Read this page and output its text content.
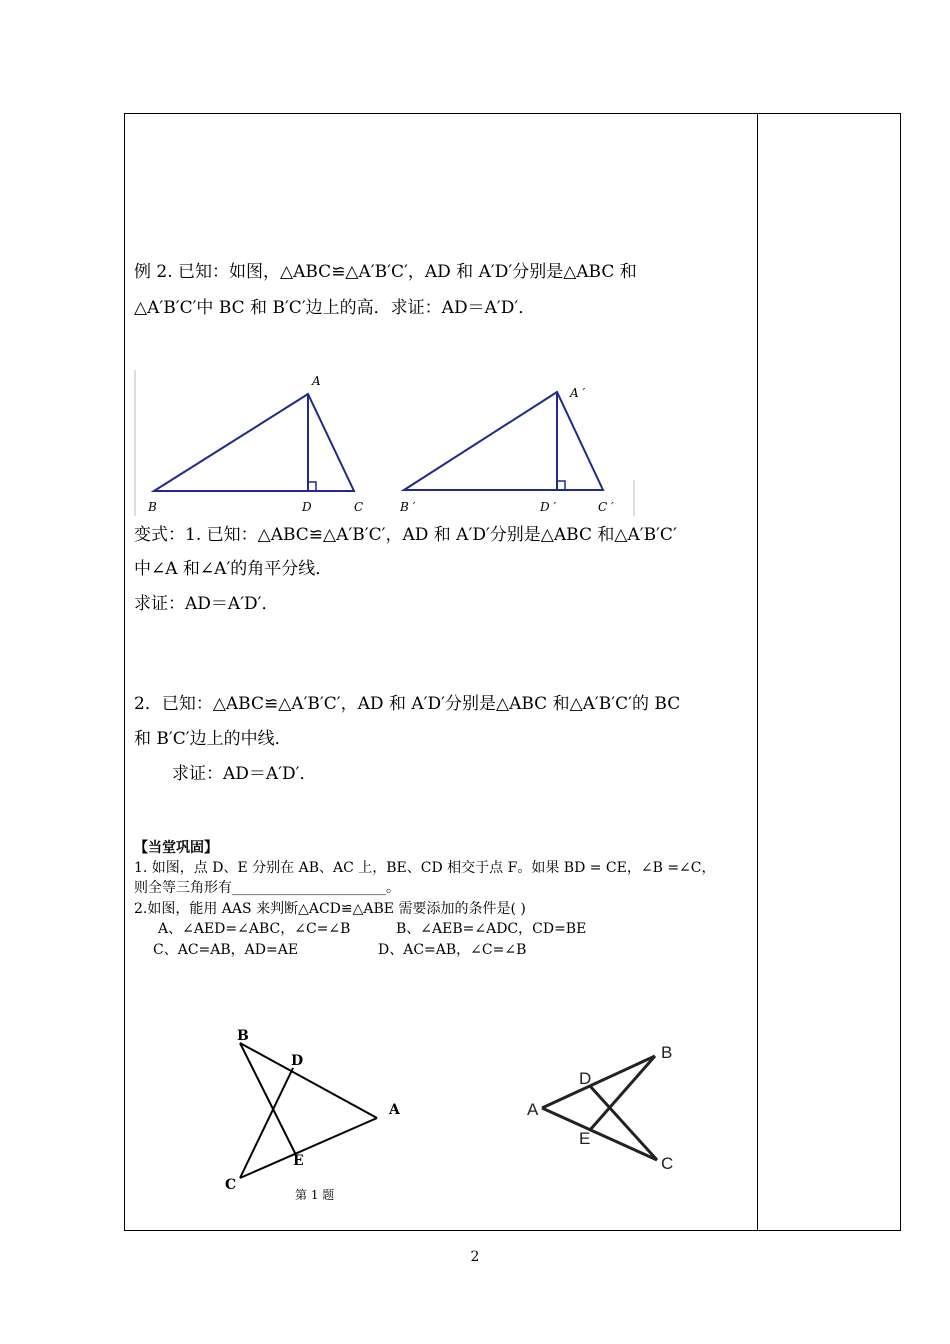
例 2. 已知：如图，△ABC≌△A′B′C′，AD 和 A′D′分别是△ABC 和
△A′B′C′中 BC 和 B′C′边上的高．求证：AD＝A′D′．
A
B	D	C
A ′
B ′	D ′	C ′
变式：1. 已知：△ABC≌△A′B′C′，AD 和 A′D′分别是△ABC 和△A′B′C′
中∠A 和∠A′的角平分线．
求证：AD＝A′D′．
2．已知：△ABC≌△A′B′C′，AD 和 A′D′分别是△ABC 和△A′B′C′的 BC
和 B′C′边上的中线．
求证：AD＝A′D′．
【当堂巩固】
1. 如图，点 D、E 分别在 AB、AC 上，BE、CD 相交于点 F。如果 BD = CE，∠B =∠C，
则全等三角形有______________________。
2.如图，能用 AAS 来判断△ACD≌△ABE 需要添加的条件是( )
A、∠AED=∠ABC，∠C=∠B	B、∠AEB=∠ADC，CD=BE
C、AC=AB，AD=AE	D、AC=AB，∠C=∠B
B
D
A
E
C
第 1 题
A
B
D
E
C
2
